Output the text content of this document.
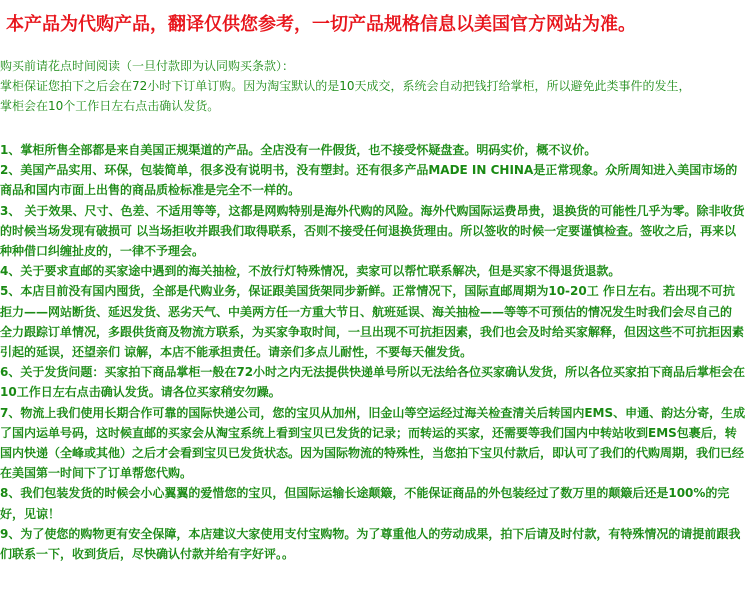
本产品为代购产品，翻译仅供您参考，一切产品规格信息以美国官方网站为准。

购买前请花点时间阅读（一旦付款即为认同购买条款）：

掌柜保证您拍下之后会在72小时下订单订购。因为淘宝默认的是10天成交，系统会自动把钱打给掌柜，所以避免此类事件的发生，

掌柜会在10个工作日左右点击确认发货。

1、掌柜所售全部都是来自美国正规渠道的产品。全店没有一件假货，也不接受怀疑盘查。明码实价，概不议价。

2、美国产品实用、环保，包装简单，很多没有说明书，没有塑封。还有很多产品MADE IN CHINA是正常现象。众所周知进入美国市场的商品和国内市面上出售的商品质检标准是完全不一样的。

3、 关于效果、尺寸、色差、不适用等等，这都是网购特别是海外代购的风险。海外代购国际运费昂贵，退换货的可能性几乎为零。除非收货的时候当场发现有破损可 以当场拒收并跟我们取得联系，否则不接受任何退换货理由。所以签收的时候一定要谨慎检查。签收之后，再来以种种借口纠缠扯皮的，一律不予理会。

4、关于要求直邮的买家途中遇到的海关抽检，不放行灯特殊情况，卖家可以帮忙联系解决，但是买家不得退货退款。

5、本店目前没有国内囤货，全部是代购业务，保证跟美国货架同步新鲜。正常情况下，国际直邮周期为10-20工 作日左右。若出现不可抗拒力——网站断货、延迟发货、恶劣天气、中美两方任一方重大节日、航班延误、海关抽检——等等不可预估的情况发生时我们会尽自己的 全力跟踪订单情况，多跟供货商及物流方联系，为买家争取时间，一旦出现不可抗拒因素，我们也会及时给买家解释，但因这些不可抗拒因素引起的延误，还望亲们 谅解，本店不能承担责任。请亲们多点儿耐性，不要每天催发货。

6、关于发货问题：买家拍下商品掌柜一般在72小时之内无法提供快递单号所以无法给各位买家确认发货，所以各位买家拍下商品后掌柜会在10工作日左右点击确认发货。请各位买家稍安勿躁。

7、物流上我们使用长期合作可靠的国际快递公司，您的宝贝从加州，旧金山等空运经过海关检查清关后转国内EMS、申通、韵达分寄，生成了国内运单号码，这时候直邮的买家会从淘宝系统上看到宝贝已发货的记录；而转运的买家，还需要等我们国内中转站收到EMS包裹后，转国内快递（全峰或其他）之后才会看到宝贝已发货状态。因为国际物流的特殊性，当您拍下宝贝付款后，即认可了我们的代购周期，我们已经在美国第一时间下了订单帮您代购。

8、我们包装发货的时候会小心翼翼的爱惜您的宝贝，但国际运输长途颠簸，不能保证商品的外包装经过了数万里的颠簸后还是100%的完好，见谅！

9、为了使您的购物更有安全保障，本店建议大家使用支付宝购物。为了尊重他人的劳动成果，拍下后请及时付款，有特殊情况的请提前跟我们联系一下，收到货后，尽快确认付款并给有字好评。。
